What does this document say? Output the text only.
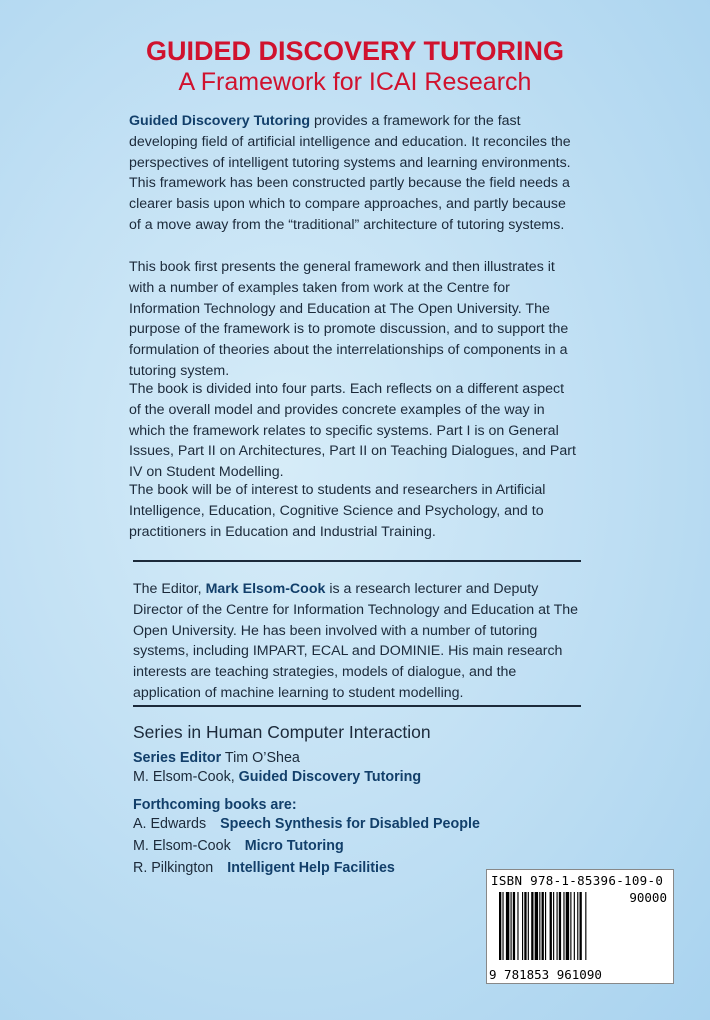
GUIDED DISCOVERY TUTORING
A Framework for ICAI Research

Guided Discovery Tutoring provides a framework for the fast developing field of artificial intelligence and education. It reconciles the perspectives of intelligent tutoring systems and learning environments. This framework has been constructed partly because the field needs a clearer basis upon which to compare approaches, and partly because of a move away from the “traditional” architecture of tutoring systems.

This book first presents the general framework and then illustrates it with a number of examples taken from work at the Centre for Information Technology and Education at The Open University. The purpose of the framework is to promote discussion, and to support the formulation of theories about the interrelationships of components in a tutoring system.

The book is divided into four parts. Each reflects on a different aspect of the overall model and provides concrete examples of the way in which the framework relates to specific systems. Part I is on General Issues, Part II on Architectures, Part II on Teaching Dialogues, and Part IV on Student Modelling.

The book will be of interest to students and researchers in Artificial Intelligence, Education, Cognitive Science and Psychology, and to practitioners in Education and Industrial Training.

The Editor, Mark Elsom-Cook is a research lecturer and Deputy Director of the Centre for Information Technology and Education at The Open University. He has been involved with a number of tutoring systems, including IMPART, ECAL and DOMINIE. His main research interests are teaching strategies, models of dialogue, and the application of machine learning to student modelling.

Series in Human Computer Interaction
Series Editor Tim O’Shea
M. Elsom-Cook, Guided Discovery Tutoring
Forthcoming books are:
A. Edwards Speech Synthesis for Disabled People
M. Elsom-Cook Micro Tutoring
R. Pilkington Intelligent Help Facilities
ISBN 978-1-85396-109-0
90000
9 781853 961090
